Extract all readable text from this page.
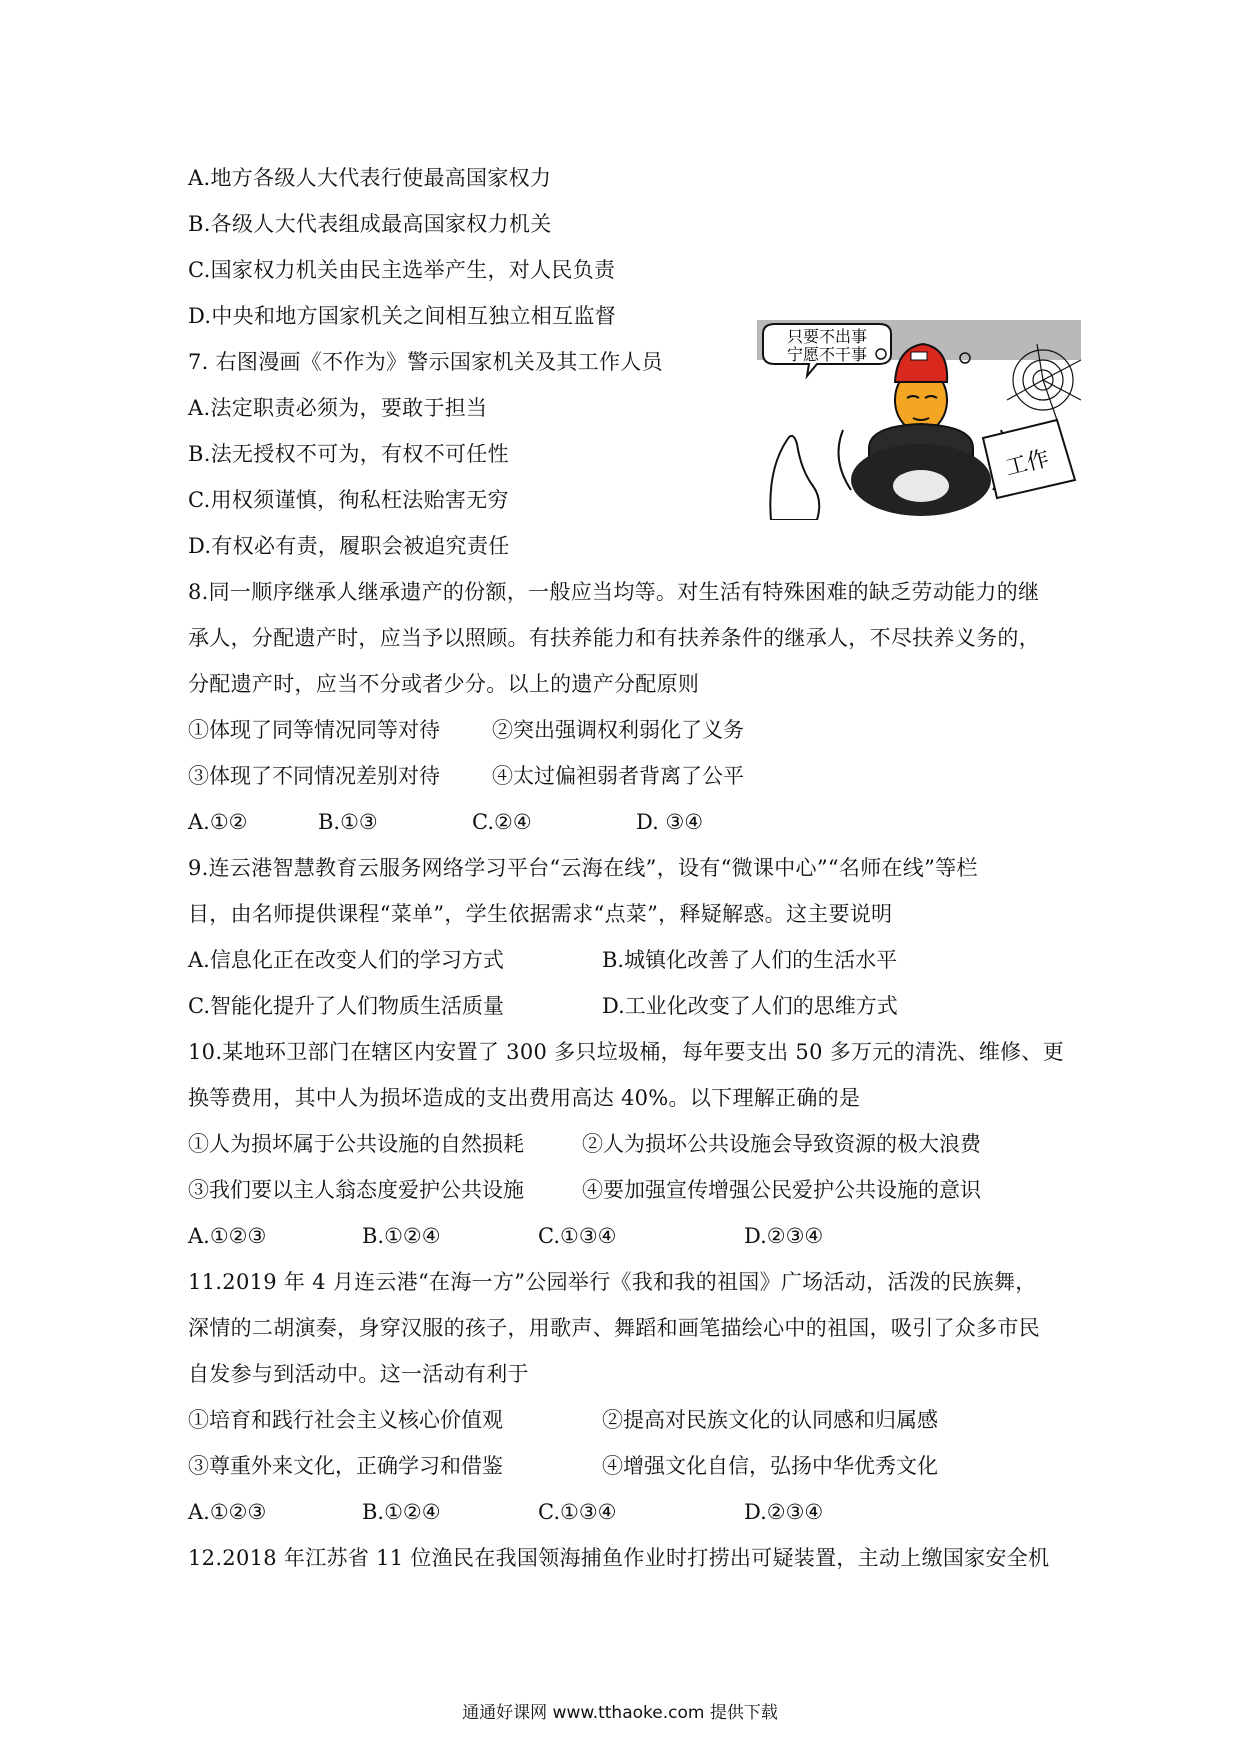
A.地方各级人大代表行使最高国家权力
B.各级人大代表组成最高国家权力机关
C.国家权力机关由民主选举产生，对人民负责
D.中央和地方国家机关之间相互独立相互监督
7. 右图漫画《不作为》警示国家机关及其工作人员
A.法定职责必须为，要敢于担当
B.法无授权不可为，有权不可任性
C.用权须谨慎，徇私枉法贻害无穷
D.有权必有责，履职会被追究责任
只要不出事
宁愿不干事
工作
8.同一顺序继承人继承遗产的份额，一般应当均等。对生活有特殊困难的缺乏劳动能力的继
承人，分配遗产时，应当予以照顾。有扶养能力和有扶养条件的继承人，不尽扶养义务的，
分配遗产时，应当不分或者少分。以上的遗产分配原则
①体现了同等情况同等对待 ②突出强调权利弱化了义务
③体现了不同情况差别对待 ④太过偏袒弱者背离了公平
A.①②	B.①③	C.②④	D. ③④
9.连云港智慧教育云服务网络学习平台“云海在线”，设有“微课中心”“名师在线”等栏
目，由名师提供课程“菜单”，学生依据需求“点菜”，释疑解惑。这主要说明
A.信息化正在改变人们的学习方式	B.城镇化改善了人们的生活水平
C.智能化提升了人们物质生活质量	D.工业化改变了人们的思维方式
10.某地环卫部门在辖区内安置了 300 多只垃圾桶，每年要支出 50 多万元的清洗、维修、更
换等费用，其中人为损坏造成的支出费用高达 40%。以下理解正确的是
①人为损坏属于公共设施的自然损耗	②人为损坏公共设施会导致资源的极大浪费
③我们要以主人翁态度爱护公共设施	④要加强宣传增强公民爱护公共设施的意识
A.①②③	B.①②④	C.①③④	D.②③④
11.2019 年 4 月连云港“在海一方”公园举行《我和我的祖国》广场活动，活泼的民族舞，
深情的二胡演奏，身穿汉服的孩子，用歌声、舞蹈和画笔描绘心中的祖国，吸引了众多市民
自发参与到活动中。这一活动有利于
①培育和践行社会主义核心价值观	②提高对民族文化的认同感和归属感
③尊重外来文化，正确学习和借鉴	④增强文化自信，弘扬中华优秀文化
A.①②③	B.①②④	C.①③④	D.②③④
12.2018 年江苏省 11 位渔民在我国领海捕鱼作业时打捞出可疑装置，主动上缴国家安全机
通通好课网 www.tthaoke.com 提供下载
